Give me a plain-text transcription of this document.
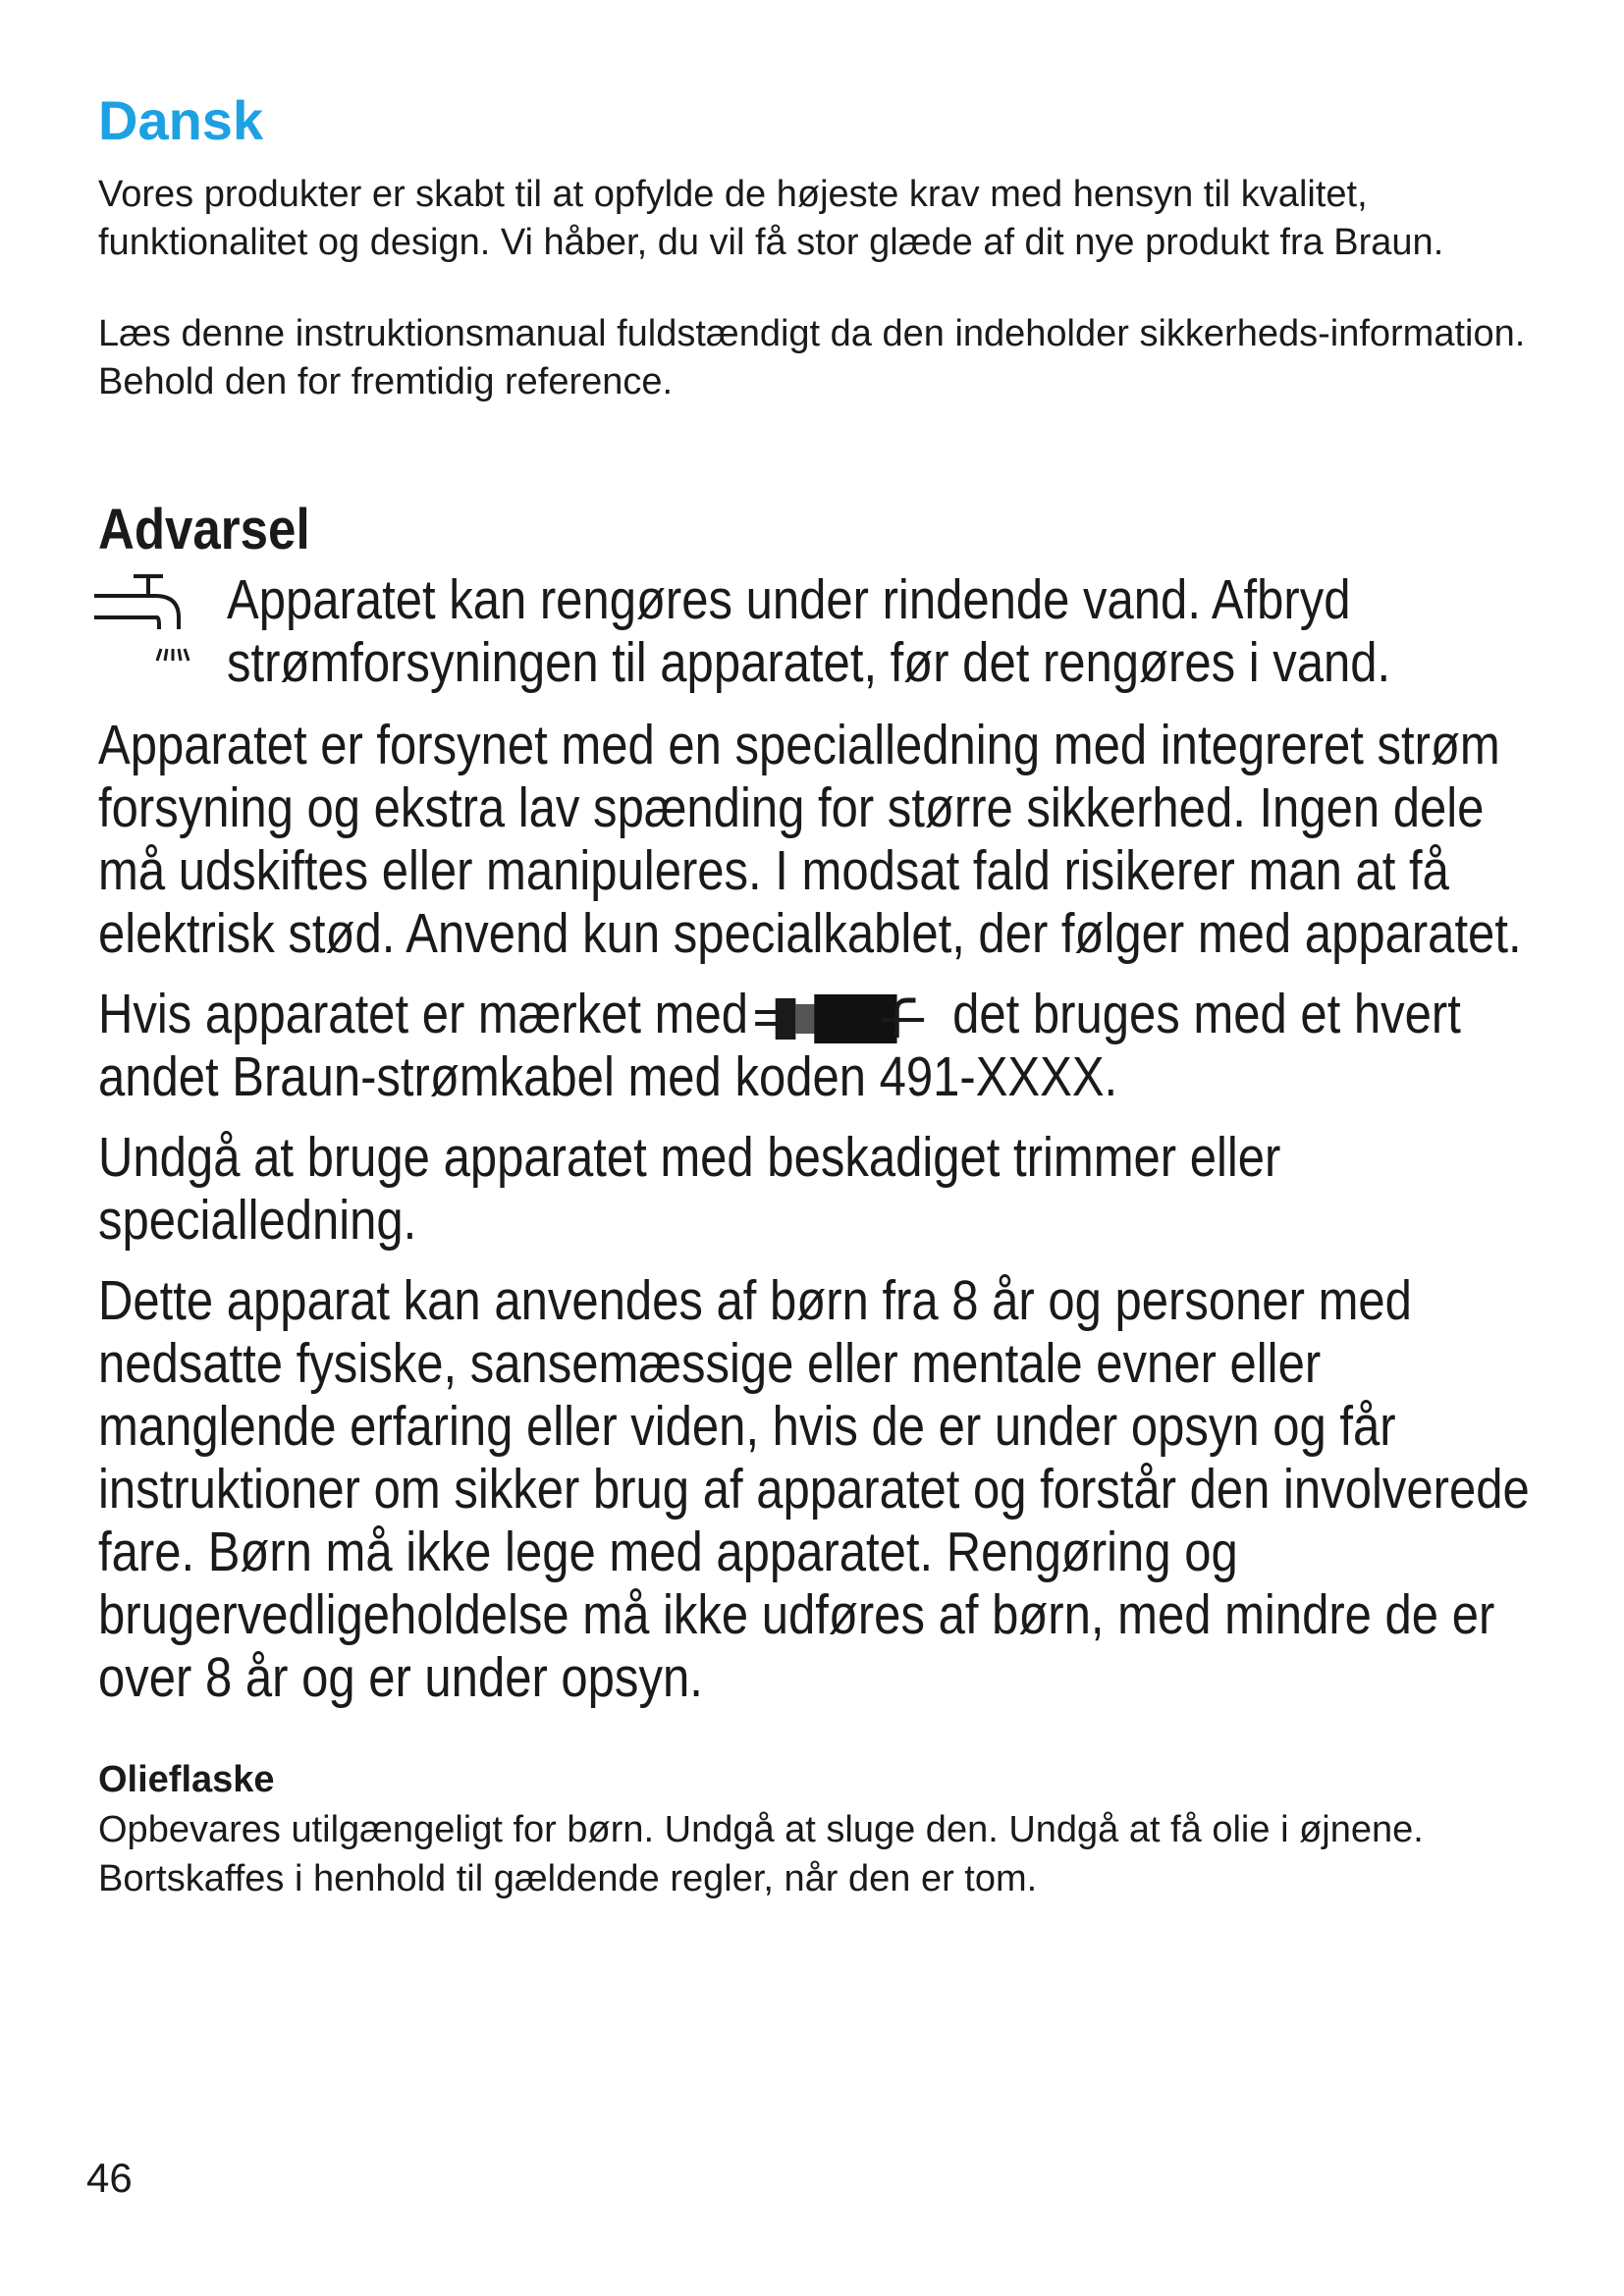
Dansk

Vores produkter er skabt til at opfylde de højeste krav med hensyn til kvalitet, funktionalitet og design. Vi håber, du vil få stor glæde af dit nye produkt fra Braun.

Læs denne instruktionsmanual fuldstændigt da den indeholder sikkerheds-information. Behold den for fremtidig reference.

Advarsel
Apparatet kan rengøres under rindende vand. Afbryd strømforsyningen til apparatet, før det rengøres i vand.

Apparatet er forsynet med en specialledning med integreret strøm forsyning og ekstra lav spænding for større sikkerhed. Ingen dele må udskiftes eller manipuleres. I modsat fald risikerer man at få elektrisk stød. Anvend kun specialkablet, der følger med apparatet.

Hvis apparatet er mærket med	det bruges med et hvert andet Braun-strømkabel med koden 491-XXXX.

Undgå at bruge apparatet med beskadiget trimmer eller specialledning.

Dette apparat kan anvendes af børn fra 8 år og personer med nedsatte fysiske, sansemæssige eller mentale evner eller manglende erfaring eller viden, hvis de er under opsyn og får instruktioner om sikker brug af apparatet og forstår den involverede fare. Børn må ikke lege med apparatet. Rengøring og brugervedligeholdelse må ikke udføres af børn, med mindre de er over 8 år og er under opsyn.

Olieflaske

Opbevares utilgængeligt for børn. Undgå at sluge den. Undgå at få olie i øjnene. Bortskaffes i henhold til gældende regler, når den er tom.

46
